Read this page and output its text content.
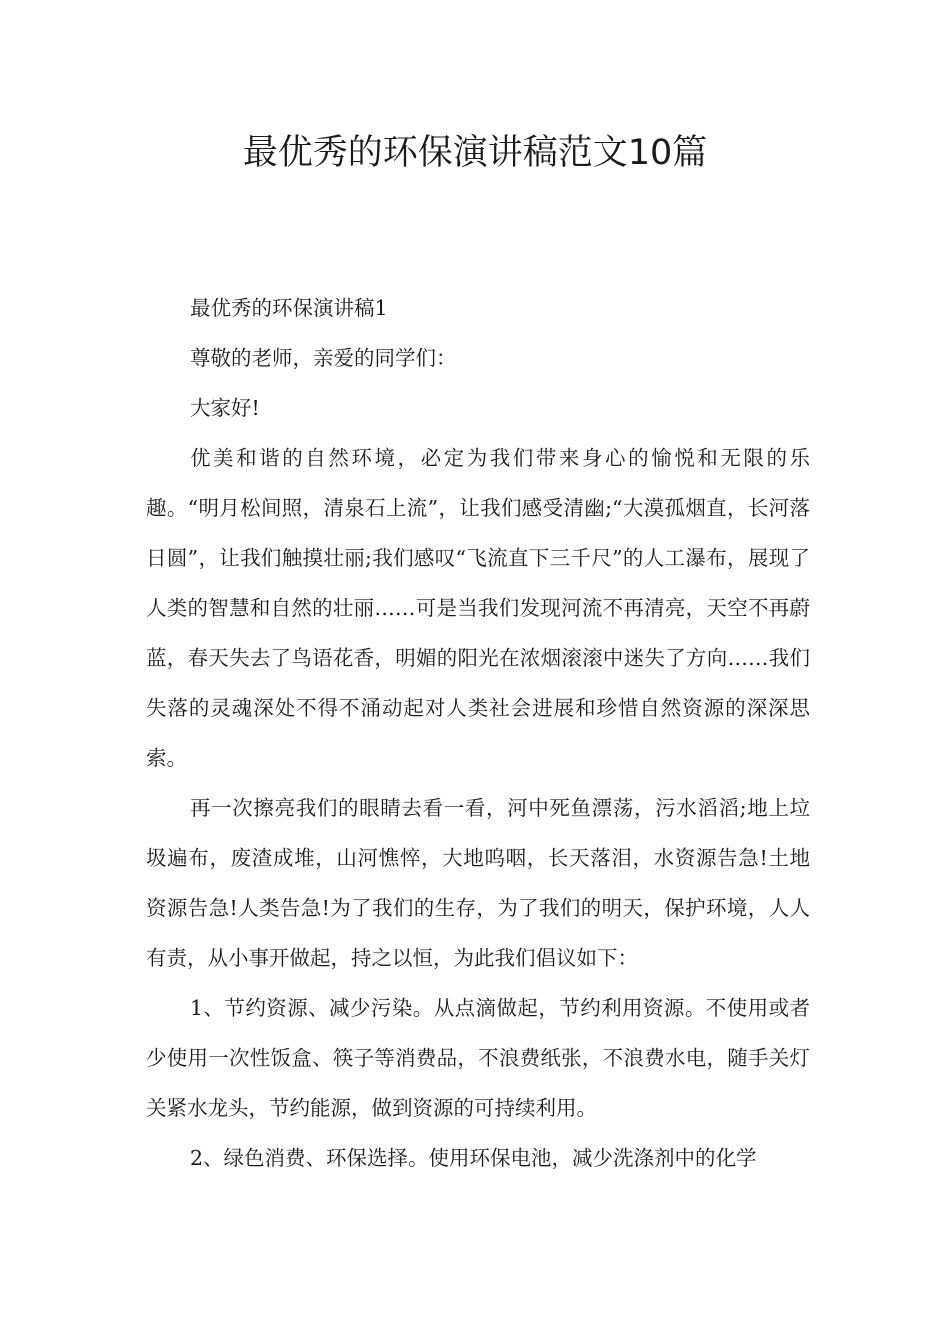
最优秀的环保演讲稿范文10篇

最优秀的环保演讲稿1

尊敬的老师，亲爱的同学们：

大家好!

优美和谐的自然环境，必定为我们带来身心的愉悦和无限的乐趣。“明月松间照，清泉石上流”，让我们感受清幽;“大漠孤烟直，长河落日圆”，让我们触摸壮丽;我们感叹“飞流直下三千尺”的人工瀑布，展现了人类的智慧和自然的壮丽……可是当我们发现河流不再清亮，天空不再蔚蓝，春天失去了鸟语花香，明媚的阳光在浓烟滚滚中迷失了方向……我们失落的灵魂深处不得不涌动起对人类社会进展和珍惜自然资源的深深思索。

再一次擦亮我们的眼睛去看一看，河中死鱼漂荡，污水滔滔;地上垃圾遍布，废渣成堆，山河憔悴，大地呜咽，长天落泪，水资源告急!土地资源告急!人类告急!为了我们的生存，为了我们的明天，保护环境，人人有责，从小事开做起，持之以恒，为此我们倡议如下：

1、节约资源、减少污染。从点滴做起，节约利用资源。不使用或者少使用一次性饭盒、筷子等消费品，不浪费纸张，不浪费水电，随手关灯关紧水龙头，节约能源，做到资源的可持续利用。

2、绿色消费、环保选择。使用环保电池，减少洗涤剂中的化学
